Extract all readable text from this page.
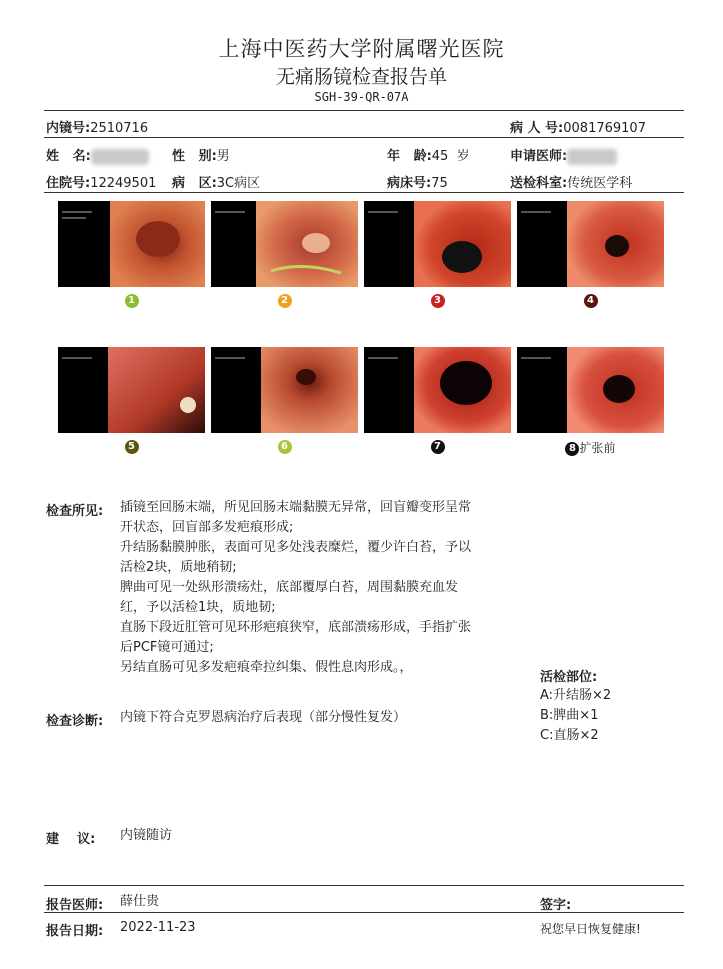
上海中医药大学附属曙光医院
无痛肠镜检查报告单
SGH-39-QR-07A
内镜号:2510716	病 人 号:0081769107
姓   名:	性   别:男	年   龄:45  岁	申请医师:
住院号:12249501 病   区:3C病区	病床号:75	送检科室:传统医学科
1	2	3	4
5	6	7	8 扩张前
检查所见: 插镜至回肠末端，所见回肠末端黏膜无异常，回盲瓣变形呈常
开状态，回盲部多发疤痕形成;
升结肠黏膜肿胀，表面可见多处浅表糜烂，覆少许白苔，予以
活检2块，质地稍韧;
脾曲可见一处纵形溃疡灶，底部覆厚白苔，周围黏膜充血发
红，予以活检1块，质地韧;
直肠下段近肛管可见环形疤痕狭窄，底部溃疡形成，手指扩张
后PCF镜可通过;
另结直肠可见多发疤痕牵拉纠集、假性息肉形成。，
活检部位:
A:升结肠×2
B:脾曲×1
C:直肠×2
检查诊断: 内镜下符合克罗恩病治疗后表现（部分慢性复发）
建    议: 内镜随访
报告医师: 薛仕贵	签字:
报告日期: 2022-11-23	祝您早日恢复健康!
